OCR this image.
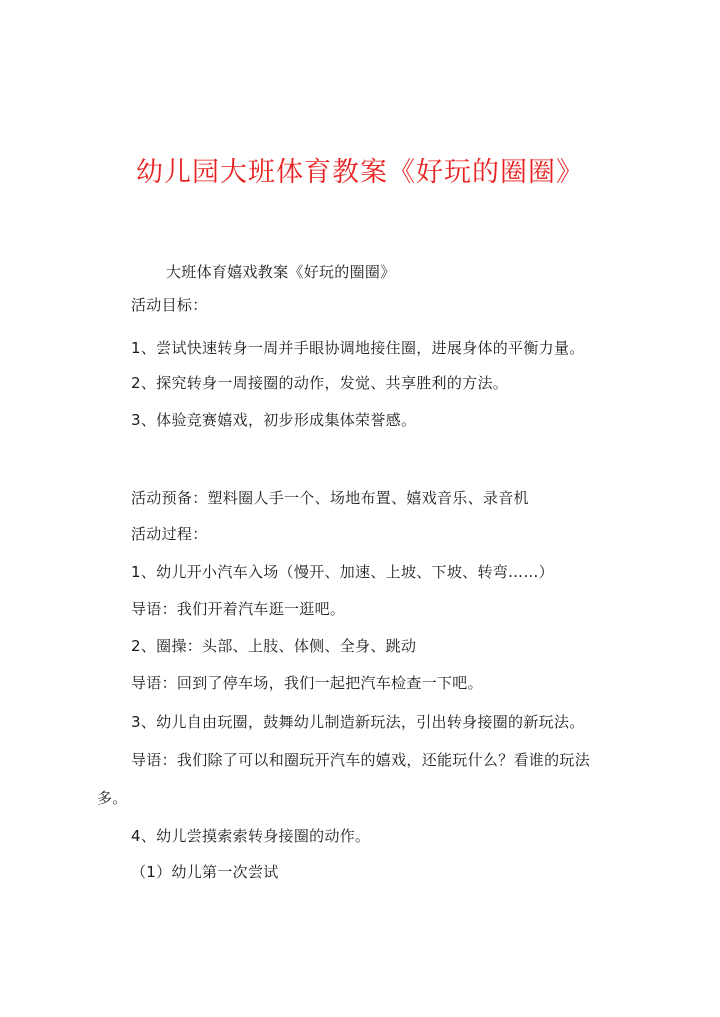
幼儿园大班体育教案《好玩的圈圈》
大班体育嬉戏教案《好玩的圈圈》
活动目标：
1、尝试快速转身一周并手眼协调地接住圈，进展身体的平衡力量。
2、探究转身一周接圈的动作，发觉、共享胜利的方法。
3、体验竞赛嬉戏，初步形成集体荣誉感。
活动预备：塑料圈人手一个、场地布置、嬉戏音乐、录音机
活动过程：
1、幼儿开小汽车入场（慢开、加速、上坡、下坡、转弯……）
导语：我们开着汽车逛一逛吧。
2、圈操：头部、上肢、体侧、全身、跳动
导语：回到了停车场，我们一起把汽车检查一下吧。
3、幼儿自由玩圈，鼓舞幼儿制造新玩法，引出转身接圈的新玩法。
导语：我们除了可以和圈玩开汽车的嬉戏，还能玩什么？看谁的玩法
多。
4、幼儿尝摸索索转身接圈的动作。
（1）幼儿第一次尝试
